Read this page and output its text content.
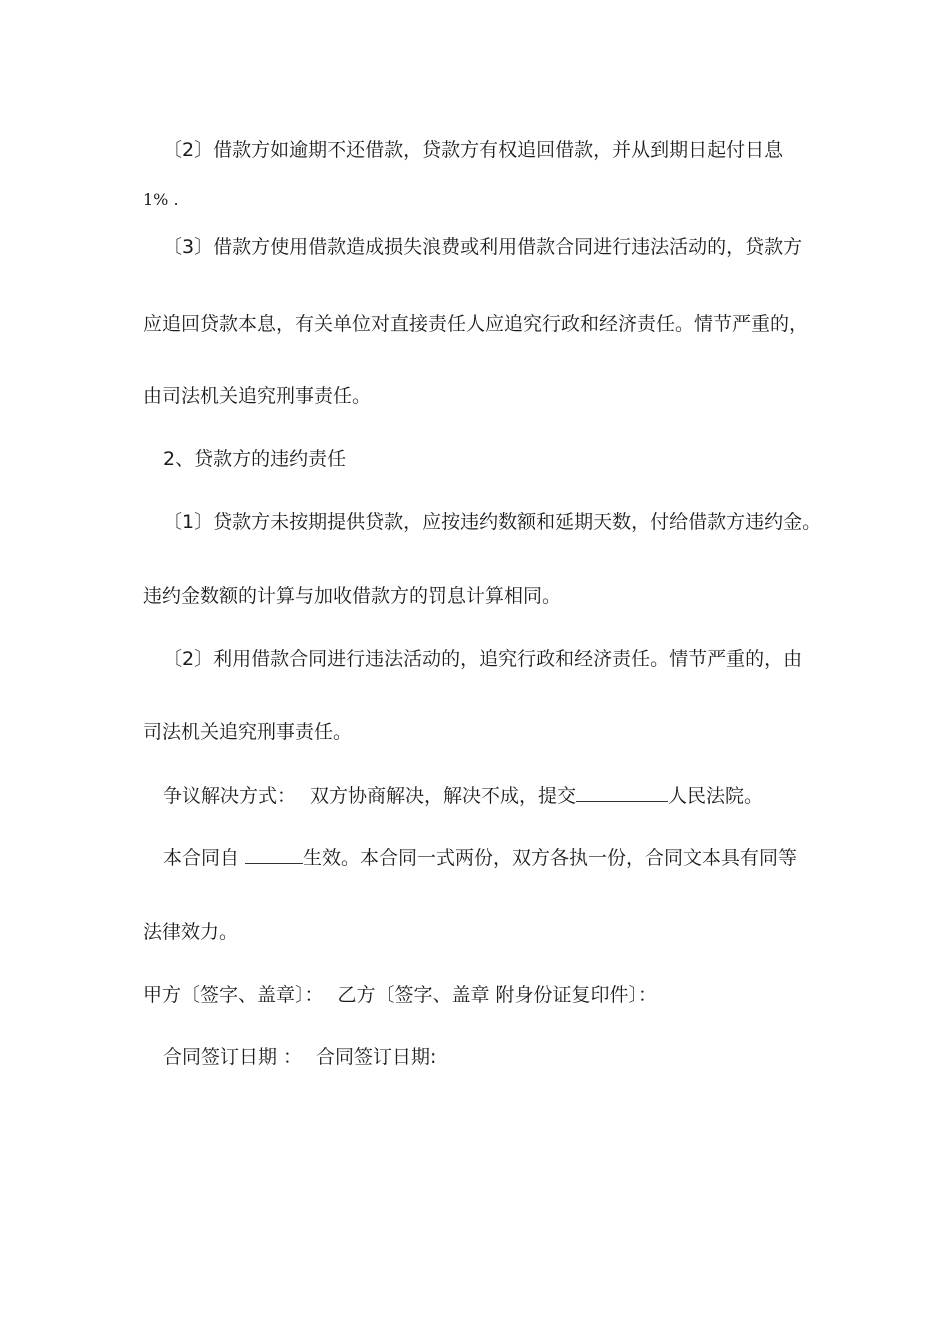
〔2〕借款方如逾期不还借款，贷款方有权追回借款，并从到期日起付日息
1% .
〔3〕借款方使用借款造成损失浪费或利用借款合同进行违法活动的，贷款方
应追回贷款本息，有关单位对直接责任人应追究行政和经济责任。情节严重的，
由司法机关追究刑事责任。
2、贷款方的违约责任
〔1〕贷款方未按期提供贷款，应按违约数额和延期天数，付给借款方违约金。
违约金数额的计算与加收借款方的罚息计算相同。
〔2〕利用借款合同进行违法活动的，追究行政和经济责任。情节严重的，由
司法机关追究刑事责任。
争议解决方式： 双方协商解决，解决不成，提交	人民法院。
本合同自	生效。本合同一式两份，双方各执一份，合同文本具有同等
法律效力。
甲方〔签字、盖章〕： 乙方〔签字、盖章 附身份证复印件〕：
合同签订日期 ： 合同签订日期:
